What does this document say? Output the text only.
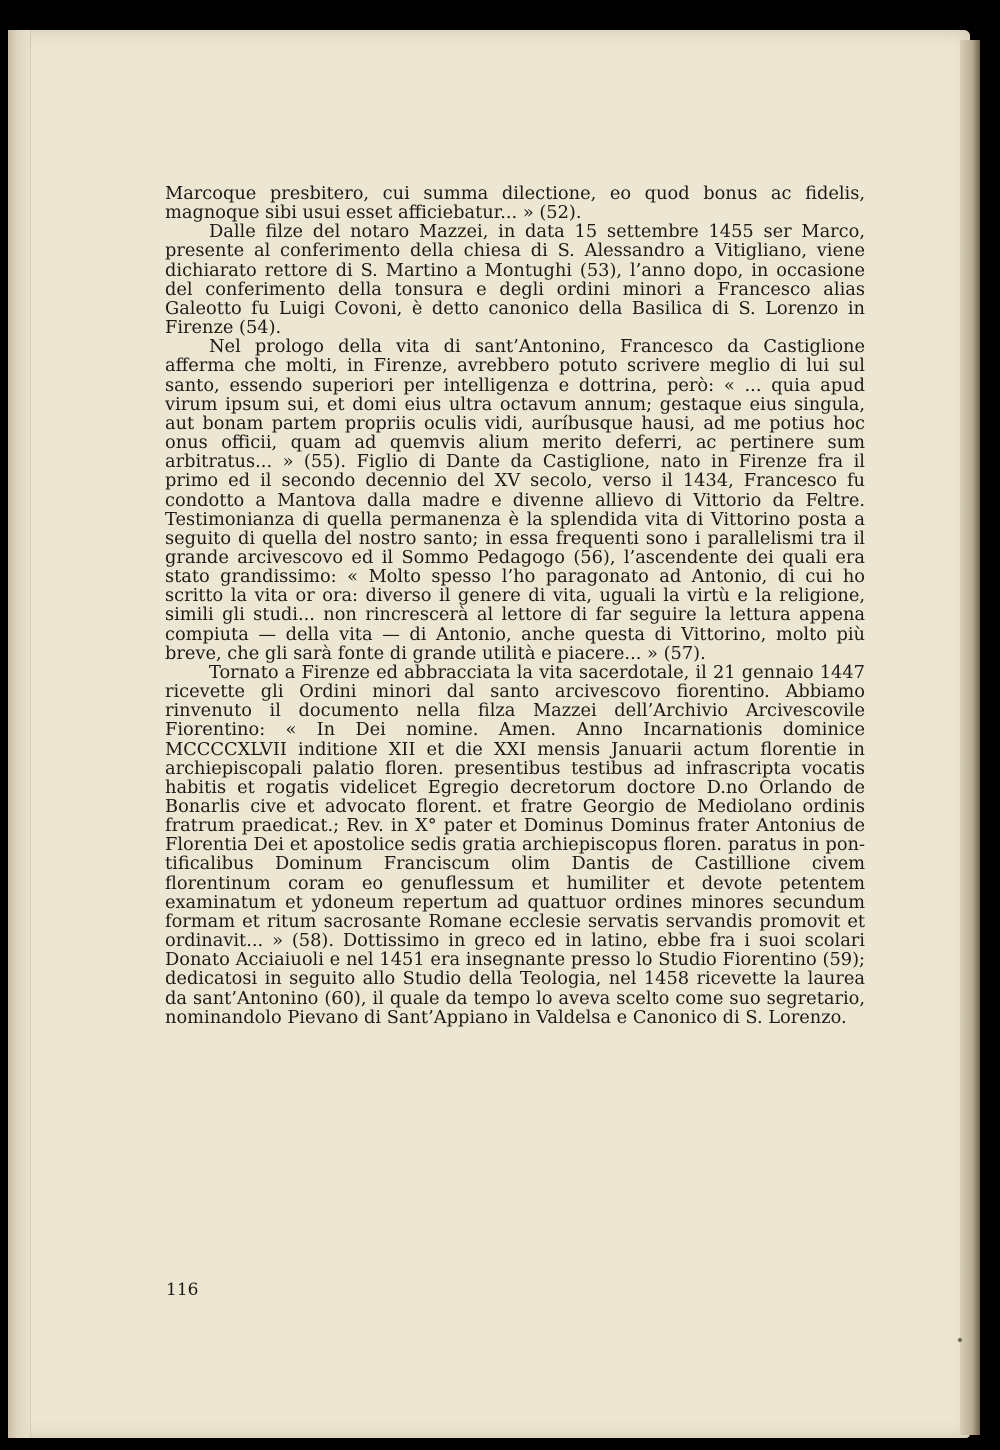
Marcoque presbitero, cui summa dilectione, eo quod bonus ac fidelis, magnoque sibi usui esset afficiebatur... » (52).

Dalle filze del notaro Mazzei, in data 15 settembre 1455 ser Marco, presente al conferimento della chiesa di S. Alessandro a Vitigliano, viene dichiarato rettore di S. Martino a Montughi (53), l’anno dopo, in occasione del conferimento della tonsura e degli ordini minori a Francesco alias Galeotto fu Luigi Covoni, è detto canonico della Basilica di S. Lorenzo in Firenze (54).

Nel prologo della vita di sant’Antonino, Francesco da Castiglione afferma che molti, in Firenze, avrebbero potuto scrivere meglio di lui sul santo, essendo superiori per intelligenza e dottrina, però: « ... quia apud virum ipsum sui, et domi eius ultra octavum annum; gestaque eius singula, aut bonam partem propriis oculis vidi, auríbusque hausi, ad me potius hoc onus officii, quam ad quemvis alium merito deferri, ac pertinere sum arbitratus... » (55). Figlio di Dante da Castiglione, nato in Firenze fra il primo ed il secondo decennio del XV secolo, verso il 1434, Francesco fu condotto a Mantova dalla madre e divenne allievo di Vittorio da Feltre. Testimonianza di quella permanenza è la splendida vita di Vittorino posta a seguito di quella del nostro santo; in essa frequenti sono i parallelismi tra il grande arcivescovo ed il Sommo Pedagogo (56), l’ascendente dei quali era stato grandissimo: « Molto spesso l’ho paragonato ad Antonio, di cui ho scritto la vita or ora: diverso il genere di vita, uguali la virtù e la religione, simili gli studi... non rincrescerà al lettore di far seguire la lettura appena compiuta — della vita — di Antonio, anche questa di Vittorino, molto più breve, che gli sarà fonte di grande utilità e piacere... » (57).

Tornato a Firenze ed abbracciata la vita sacerdotale, il 21 gennaio 1447 ricevette gli Ordini minori dal santo arcivescovo fiorentino. Abbiamo rinvenuto il documento nella filza Mazzei dell’Archivio Arcivescovile Fiorentino: « In Dei nomine. Amen. Anno Incarnationis dominice MCCCCXLVII inditione XII et die XXI mensis Januarii actum florentie in archiepiscopali palatio floren. presentibus testibus ad infrascripta vocatis habitis et rogatis videlicet Egregio decretorum doctore D.no Orlando de Bonarlis cive et advocato florent. et fratre Georgio de Mediolano ordinis fratrum praedicat.; Rev. in X° pater et Dominus Dominus frater Antonius de Florentia Dei et apostolice sedis gratia archiepiscopus floren. paratus in pontificalibus Dominum Franciscum olim Dantis de Castillione civem florentinum coram eo genuflessum et humiliter et devote petentem examinatum et ydoneum repertum ad quattuor ordines minores secundum formam et ritum sacrosante Romane ecclesie servatis servandis promovit et ordinavit... » (58). Dottissimo in greco ed in latino, ebbe fra i suoi scolari Donato Acciaiuoli e nel 1451 era insegnante presso lo Studio Fiorentino (59); dedicatosi in seguito allo Studio della Teologia, nel 1458 ricevette la laurea da sant’Antonino (60), il quale da tempo lo aveva scelto come suo segretario, nominandolo Pievano di Sant’Appiano in Valdelsa e Canonico di S. Lorenzo.

116
